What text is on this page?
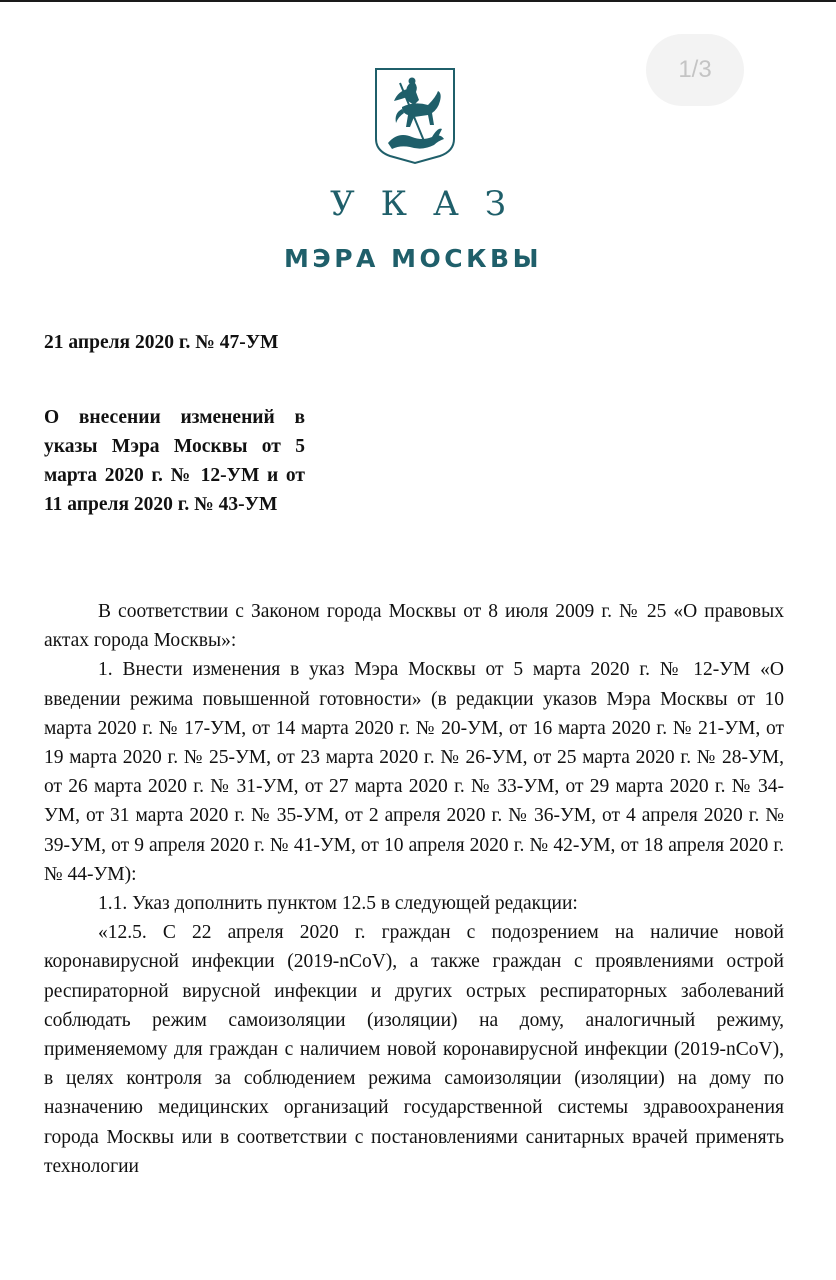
1/3
УКАЗ
МЭРА МОСКВЫ
21 апреля 2020 г. № 47-УМ
О внесении изменений в указы Мэра Москвы от 5 марта 2020 г. № 12-УМ и от 11 апреля 2020 г. № 43-УМ

В соответствии с Законом города Москвы от 8 июля 2009 г. № 25 «О правовых актах города Москвы»:

1. Внести изменения в указ Мэра Москвы от 5 марта 2020 г. № 12-УМ «О введении режима повышенной готовности» (в редакции указов Мэра Москвы от 10 марта 2020 г. № 17-УМ, от 14 марта 2020 г. № 20-УМ, от 16 марта 2020 г. № 21-УМ, от 19 марта 2020 г. № 25-УМ, от 23 марта 2020 г. № 26-УМ, от 25 марта 2020 г. № 28-УМ, от 26 марта 2020 г. № 31-УМ, от 27 марта 2020 г. № 33-УМ, от 29 марта 2020 г. № 34-УМ, от 31 марта 2020 г. № 35-УМ, от 2 апреля 2020 г. № 36-УМ, от 4 апреля 2020 г. № 39-УМ, от 9 апреля 2020 г. № 41-УМ, от 10 апреля 2020 г. № 42-УМ, от 18 апреля 2020 г. № 44-УМ):

1.1. Указ дополнить пунктом 12.5 в следующей редакции:

«12.5. С 22 апреля 2020 г. граждан с подозрением на наличие новой коронавирусной инфекции (2019-nCoV), а также граждан с проявлениями острой респираторной вирусной инфекции и других острых респираторных заболеваний соблюдать режим самоизоляции (изоляции) на дому, аналогичный режиму, применяемому для граждан с наличием новой коронавирусной инфекции (2019-nCoV), в целях контроля за соблюдением режима самоизоляции (изоляции) на дому по назначению медицинских организаций государственной системы здравоохранения города Москвы или в соответствии с постановлениями санитарных врачей применять технологии
